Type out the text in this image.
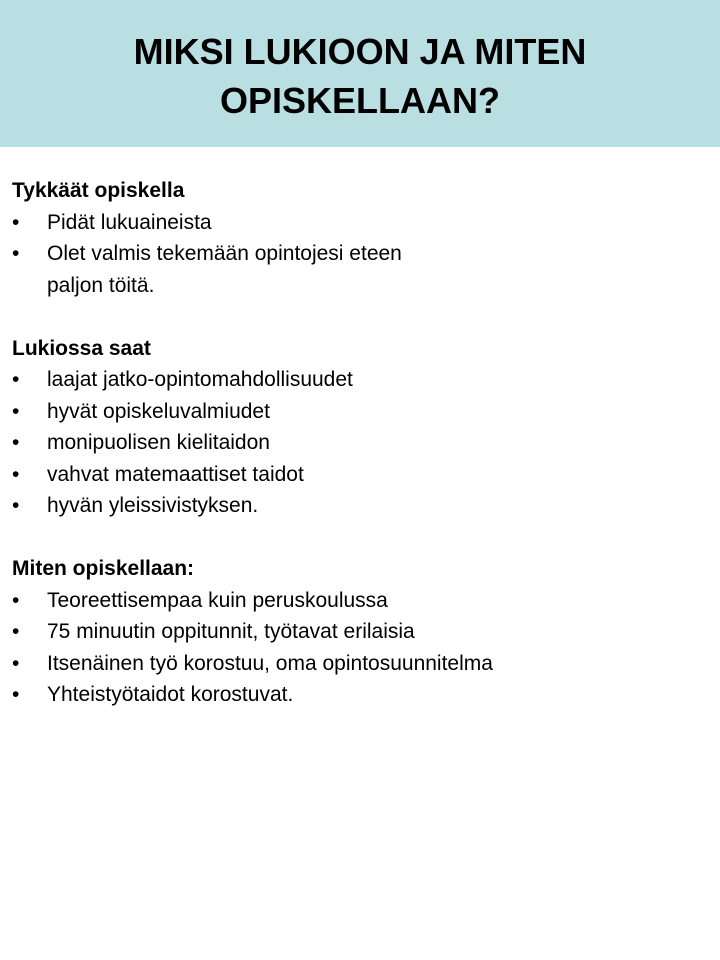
MIKSI LUKIOON JA MITEN
OPISKELLAAN?
Tykkäät opiskella
• Pidät lukuaineista
• Olet valmis tekemään opintojesi eteen
paljon töitä.
Lukiossa saat
• laajat jatko-opintomahdollisuudet
• hyvät opiskeluvalmiudet
• monipuolisen kielitaidon
• vahvat matemaattiset taidot
• hyvän yleissivistyksen.
Miten opiskellaan:
• Teoreettisempaa kuin peruskoulussa
• 75 minuutin oppitunnit, työtavat erilaisia
• Itsenäinen työ korostuu, oma opintosuunnitelma
• Yhteistyötaidot korostuvat.
